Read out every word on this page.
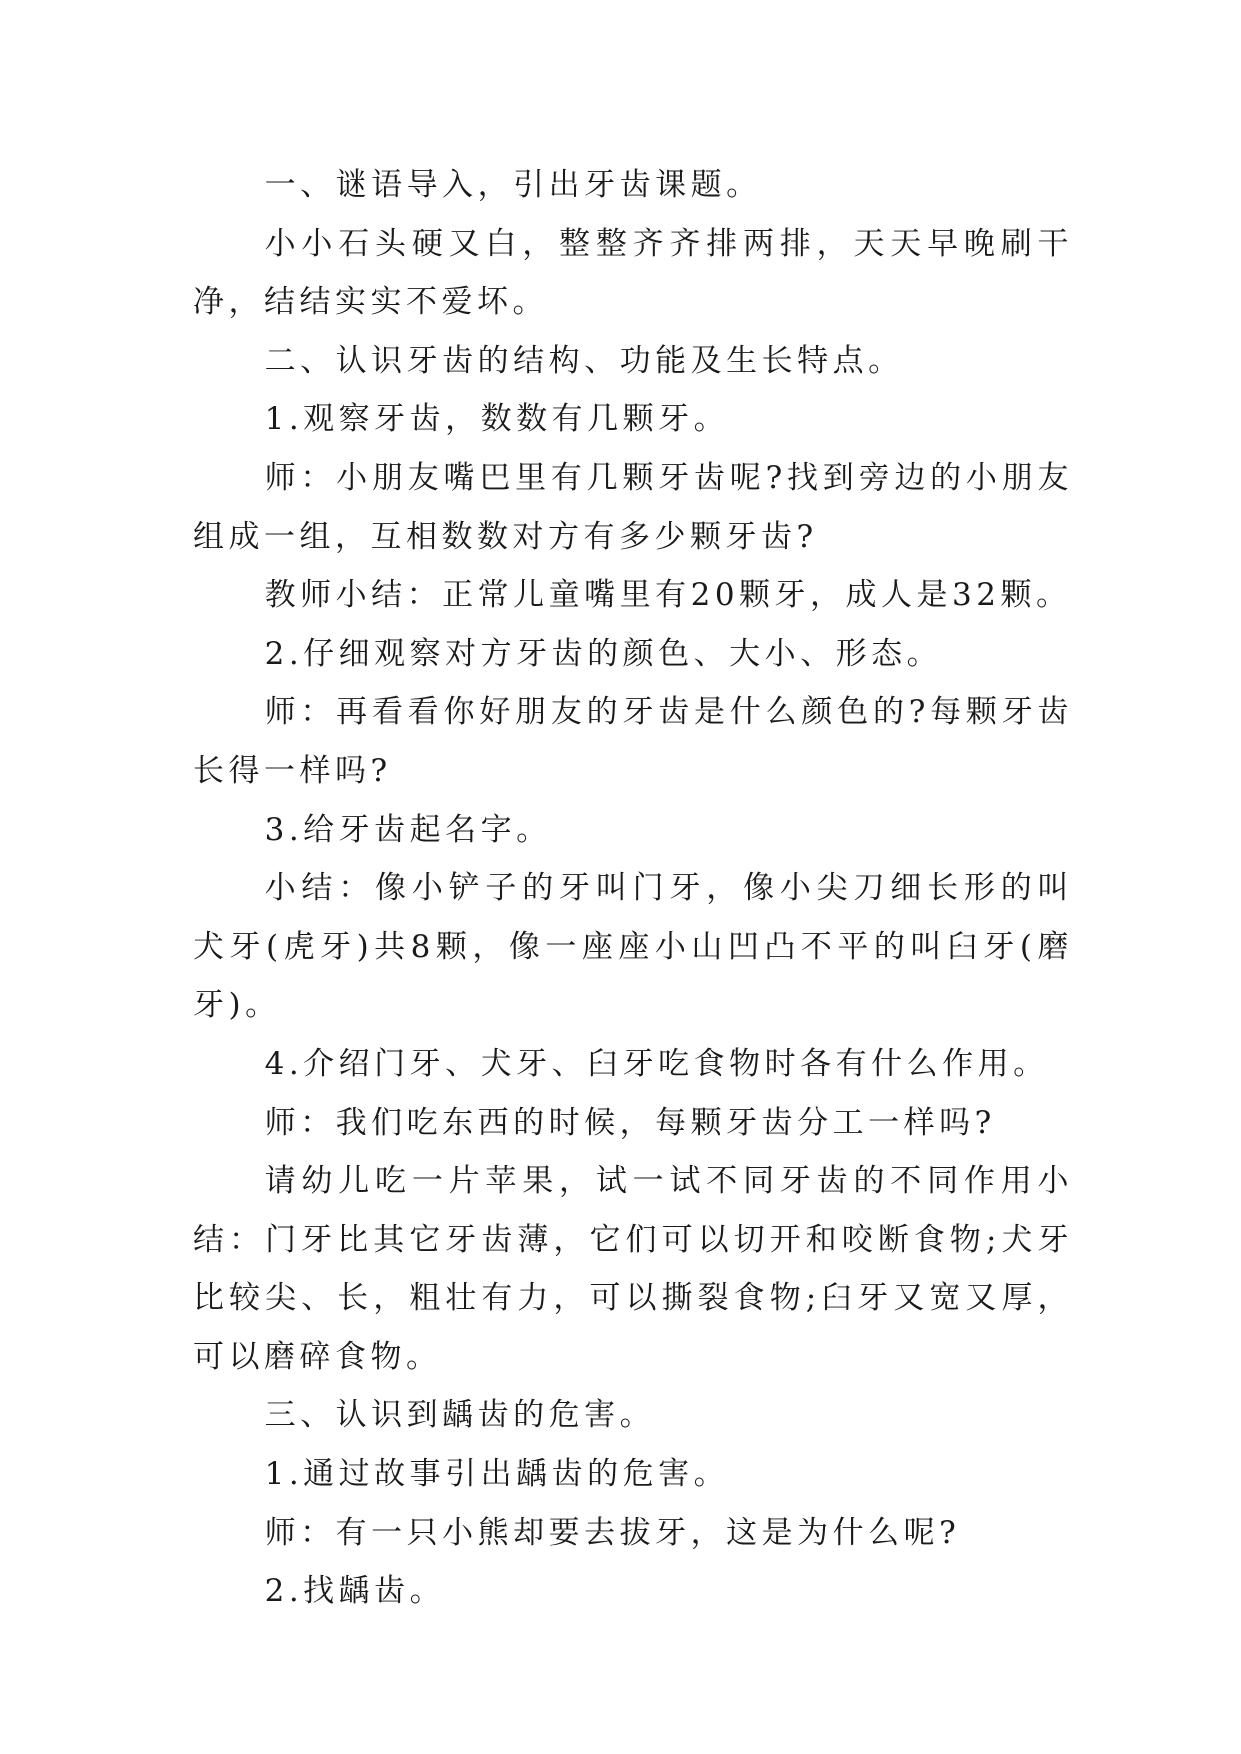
一、谜语导入，引出牙齿课题。

小小石头硬又白，整整齐齐排两排，天天早晚刷干净，结结实实不爱坏。

二、认识牙齿的结构、功能及生长特点。

1.观察牙齿，数数有几颗牙。

师：小朋友嘴巴里有几颗牙齿呢?找到旁边的小朋友组成一组，互相数数对方有多少颗牙齿?

教师小结：正常儿童嘴里有20颗牙，成人是32颗。

2.仔细观察对方牙齿的颜色、大小、形态。

师：再看看你好朋友的牙齿是什么颜色的?每颗牙齿长得一样吗?

3.给牙齿起名字。

小结：像小铲子的牙叫门牙，像小尖刀细长形的叫犬牙(虎牙)共8颗，像一座座小山凹凸不平的叫臼牙(磨牙)。

4.介绍门牙、犬牙、臼牙吃食物时各有什么作用。

师：我们吃东西的时候，每颗牙齿分工一样吗?

请幼儿吃一片苹果，试一试不同牙齿的不同作用小结：门牙比其它牙齿薄，它们可以切开和咬断食物;犬牙比较尖、长，粗壮有力，可以撕裂食物;臼牙又宽又厚，可以磨碎食物。

三、认识到龋齿的危害。

1.通过故事引出龋齿的危害。

师：有一只小熊却要去拔牙，这是为什么呢?

2.找龋齿。
